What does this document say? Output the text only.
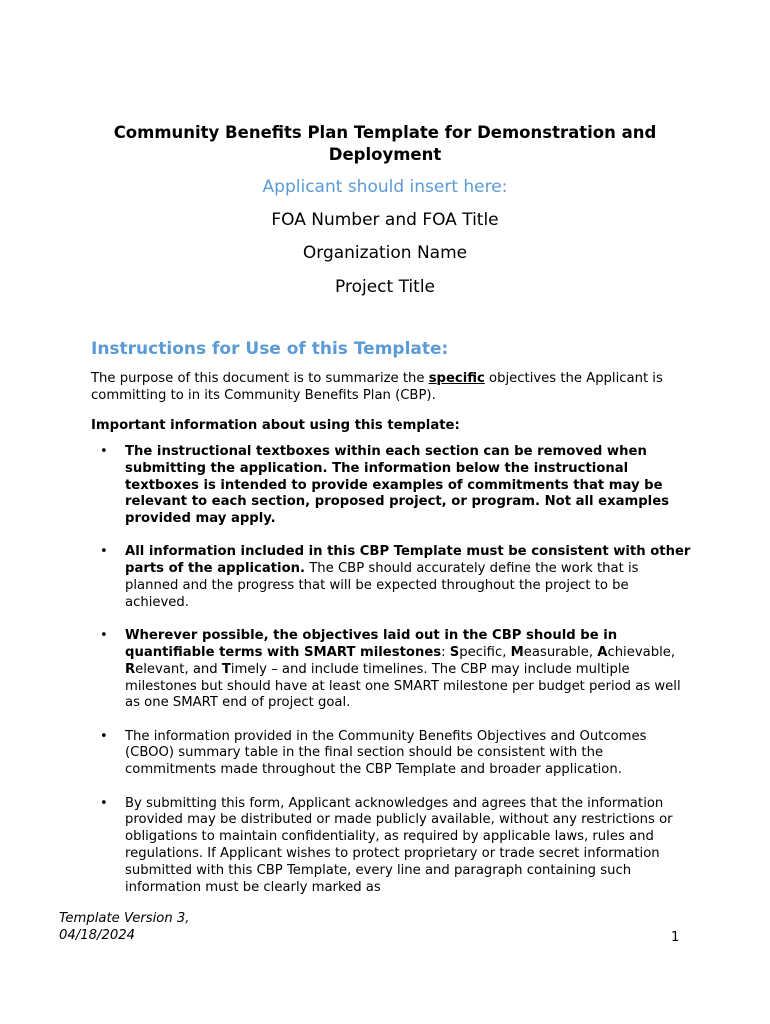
Community Benefits Plan Template for Demonstration and Deployment
Applicant should insert here:
FOA Number and FOA Title
Organization Name
Project Title
Instructions for Use of this Template:
The purpose of this document is to summarize the specific objectives the Applicant is committing to in its Community Benefits Plan (CBP).
Important information about using this template:
• The instructional textboxes within each section can be removed when submitting the application. The information below the instructional textboxes is intended to provide examples of commitments that may be relevant to each section, proposed project, or program. Not all examples provided may apply.
• All information included in this CBP Template must be consistent with other parts of the application. The CBP should accurately define the work that is planned and the progress that will be expected throughout the project to be achieved.
• Wherever possible, the objectives laid out in the CBP should be in quantifiable terms with SMART milestones: Specific, Measurable, Achievable, Relevant, and Timely – and include timelines. The CBP may include multiple milestones but should have at least one SMART milestone per budget period as well as one SMART end of project goal.
• The information provided in the Community Benefits Objectives and Outcomes (CBOO) summary table in the final section should be consistent with the commitments made throughout the CBP Template and broader application.
• By submitting this form, Applicant acknowledges and agrees that the information provided may be distributed or made publicly available, without any restrictions or obligations to maintain confidentiality, as required by applicable laws, rules and regulations. If Applicant wishes to protect proprietary or trade secret information submitted with this CBP Template, every line and paragraph containing such information must be clearly marked as
Template Version 3, 04/18/2024	1
